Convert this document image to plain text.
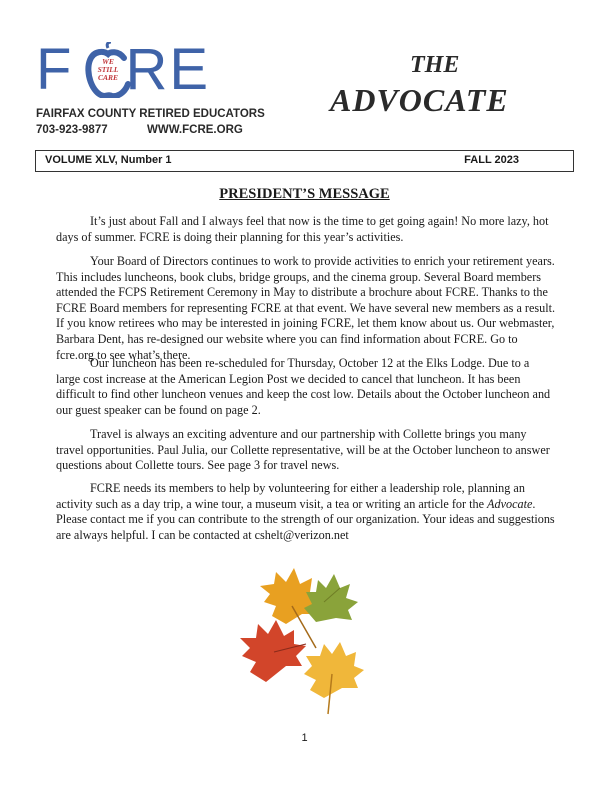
F RE
WE
STILL
CARE
FAIRFAX COUNTY RETIRED EDUCATORS
703-923-9877	WWW.FCRE.ORG
THE
ADVOCATE
VOLUME XLV, Number 1	FALL 2023
PRESIDENT’S MESSAGE

It’s just about Fall and I always feel that now is the time to get going again! No more lazy, hot days of summer. FCRE is doing their planning for this year’s activities.

Your Board of Directors continues to work to provide activities to enrich your retirement years. This includes luncheons, book clubs, bridge groups, and the cinema group. Several Board members attended the FCPS Retirement Ceremony in May to distribute a brochure about FCRE. Thanks to the FCRE Board members for representing FCRE at that event. We have several new members as a result. If you know retirees who may be interested in joining FCRE, let them know about us. Our webmaster, Barbara Dent, has re-designed our website where you can find information about FCRE. Go to fcre.org to see what’s there.

Our luncheon has been re-scheduled for Thursday, October 12 at the Elks Lodge. Due to a large cost increase at the American Legion Post we decided to cancel that luncheon. It has been difficult to find other luncheon venues and keep the cost low. Details about the October luncheon and our guest speaker can be found on page 2.

Travel is always an exciting adventure and our partnership with Collette brings you many travel opportunities. Paul Julia, our Collette representative, will be at the October luncheon to answer questions about Collette tours. See page 3 for travel news.

FCRE needs its members to help by volunteering for either a leadership role, planning an activity such as a day trip, a wine tour, a museum visit, a tea or writing an article for the Advocate. Please contact me if you can contribute to the strength of our organization. Your ideas and suggestions are always helpful. I can be contacted at cshelt@verizon.net

1
